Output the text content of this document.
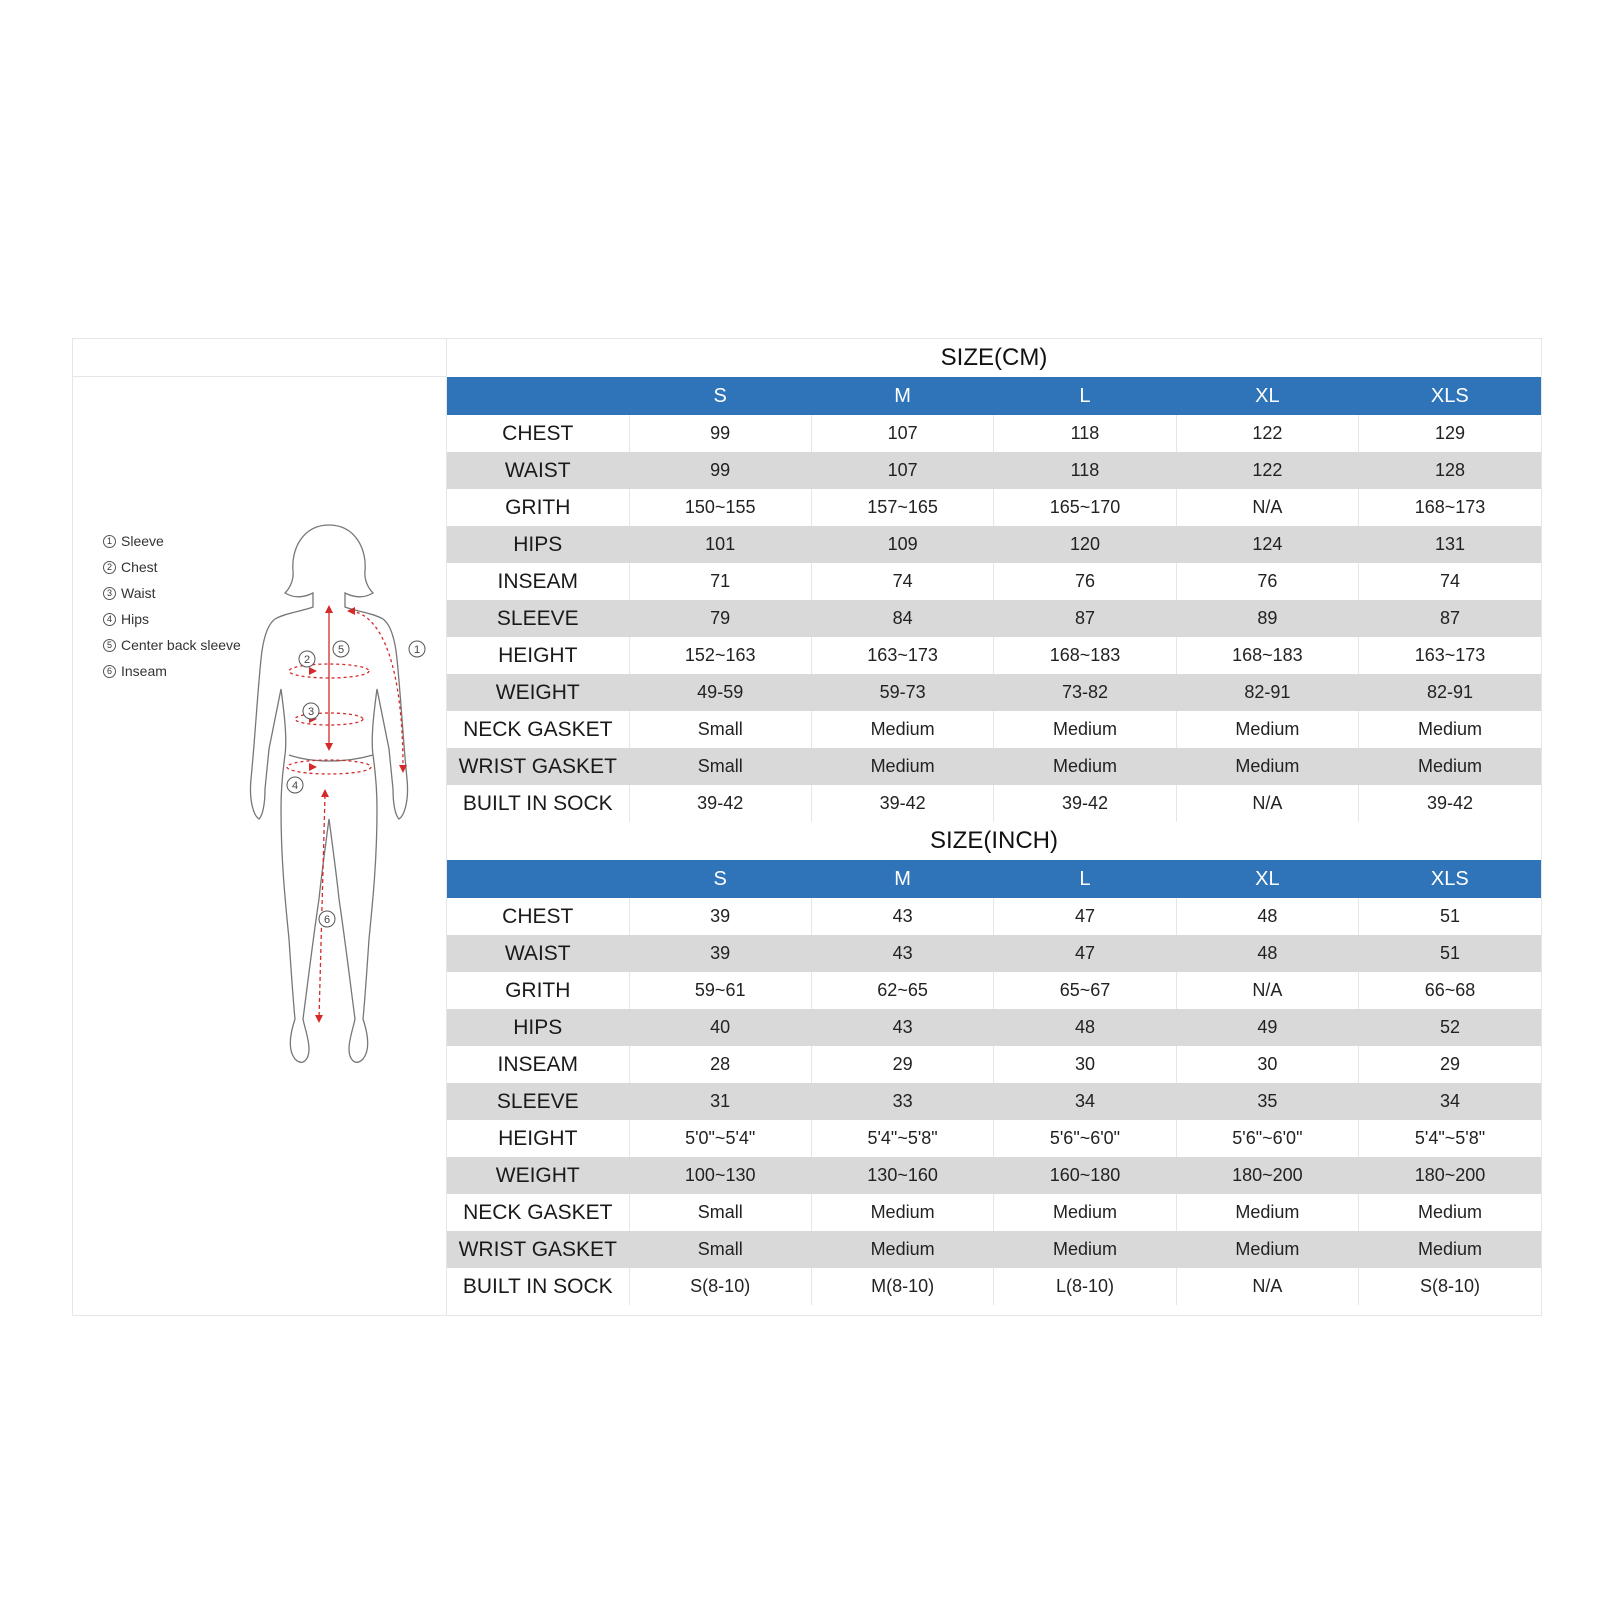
1 Sleeve
2 Chest
3 Waist
4 Hips
5 Center back sleeve
6 Inseam
1
2
3
4
5
6
SIZE(CM)
	S	M	L	XL	XLS
CHEST	99	107	118	122	129
WAIST	99	107	118	122	128
GRITH	150~155	157~165	165~170	N/A	168~173
HIPS	101	109	120	124	131
INSEAM	71	74	76	76	74
SLEEVE	79	84	87	89	87
HEIGHT	152~163	163~173	168~183	168~183	163~173
WEIGHT	49-59	59-73	73-82	82-91	82-91
NECK GASKET	Small	Medium	Medium	Medium	Medium
WRIST GASKET	Small	Medium	Medium	Medium	Medium
BUILT IN SOCK	39-42	39-42	39-42	N/A	39-42
SIZE(INCH)
	S	M	L	XL	XLS
CHEST	39	43	47	48	51
WAIST	39	43	47	48	51
GRITH	59~61	62~65	65~67	N/A	66~68
HIPS	40	43	48	49	52
INSEAM	28	29	30	30	29
SLEEVE	31	33	34	35	34
HEIGHT	5'0"~5'4"	5'4"~5'8"	5'6"~6'0"	5'6"~6'0"	5'4"~5'8"
WEIGHT	100~130	130~160	160~180	180~200	180~200
NECK GASKET	Small	Medium	Medium	Medium	Medium
WRIST GASKET	Small	Medium	Medium	Medium	Medium
BUILT IN SOCK	S(8-10)	M(8-10)	L(8-10)	N/A	S(8-10)
